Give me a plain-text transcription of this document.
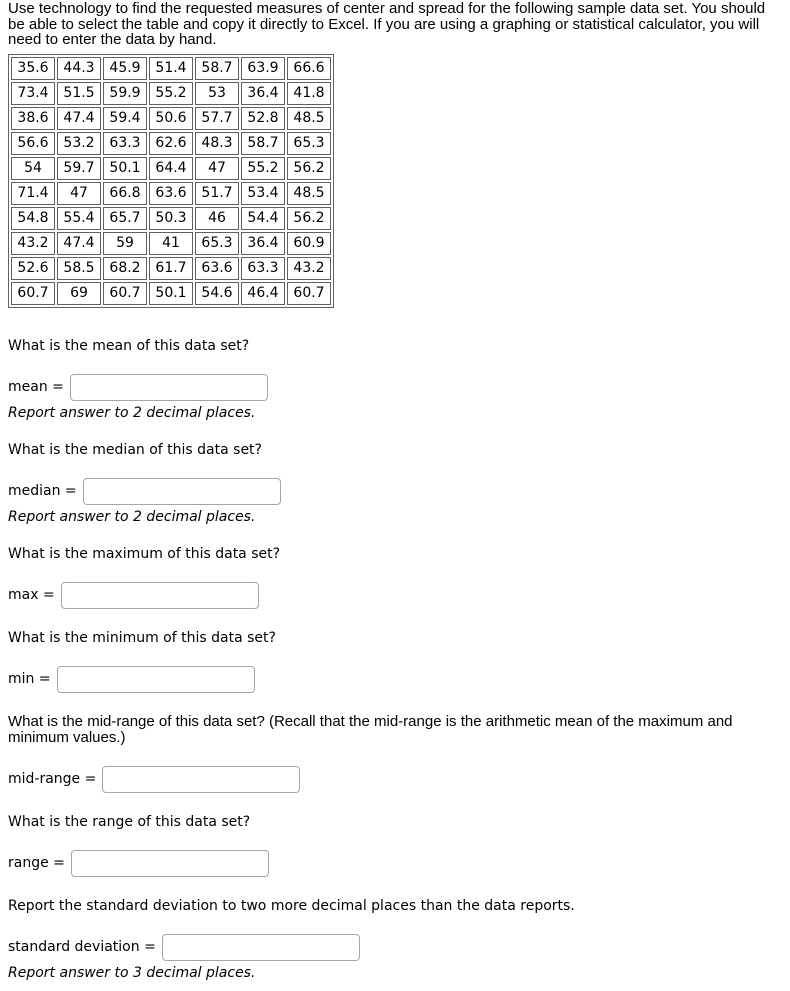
Use technology to find the requested measures of center and spread for the following sample data set. You should be able to select the table and copy it directly to Excel. If you are using a graphing or statistical calculator, you will need to enter the data by hand.

35.6	44.3	45.9	51.4	58.7	63.9	66.6
73.4	51.5	59.9	55.2	53	36.4	41.8
38.6	47.4	59.4	50.6	57.7	52.8	48.5
56.6	53.2	63.3	62.6	48.3	58.7	65.3
54	59.7	50.1	64.4	47	55.2	56.2
71.4	47	66.8	63.6	51.7	53.4	48.5
54.8	55.4	65.7	50.3	46	54.4	56.2
43.2	47.4	59	41	65.3	36.4	60.9
52.6	58.5	68.2	61.7	63.6	63.3	43.2
60.7	69	60.7	50.1	54.6	46.4	60.7

What is the mean of this data set?

mean =

Report answer to 2 decimal places.

What is the median of this data set?

median =

Report answer to 2 decimal places.

What is the maximum of this data set?

max =

What is the minimum of this data set?

min =

What is the mid-range of this data set? (Recall that the mid-range is the arithmetic mean of the maximum and minimum values.)

mid-range =

What is the range of this data set?

range =

Report the standard deviation to two more decimal places than the data reports.

standard deviation =

Report answer to 3 decimal places.
